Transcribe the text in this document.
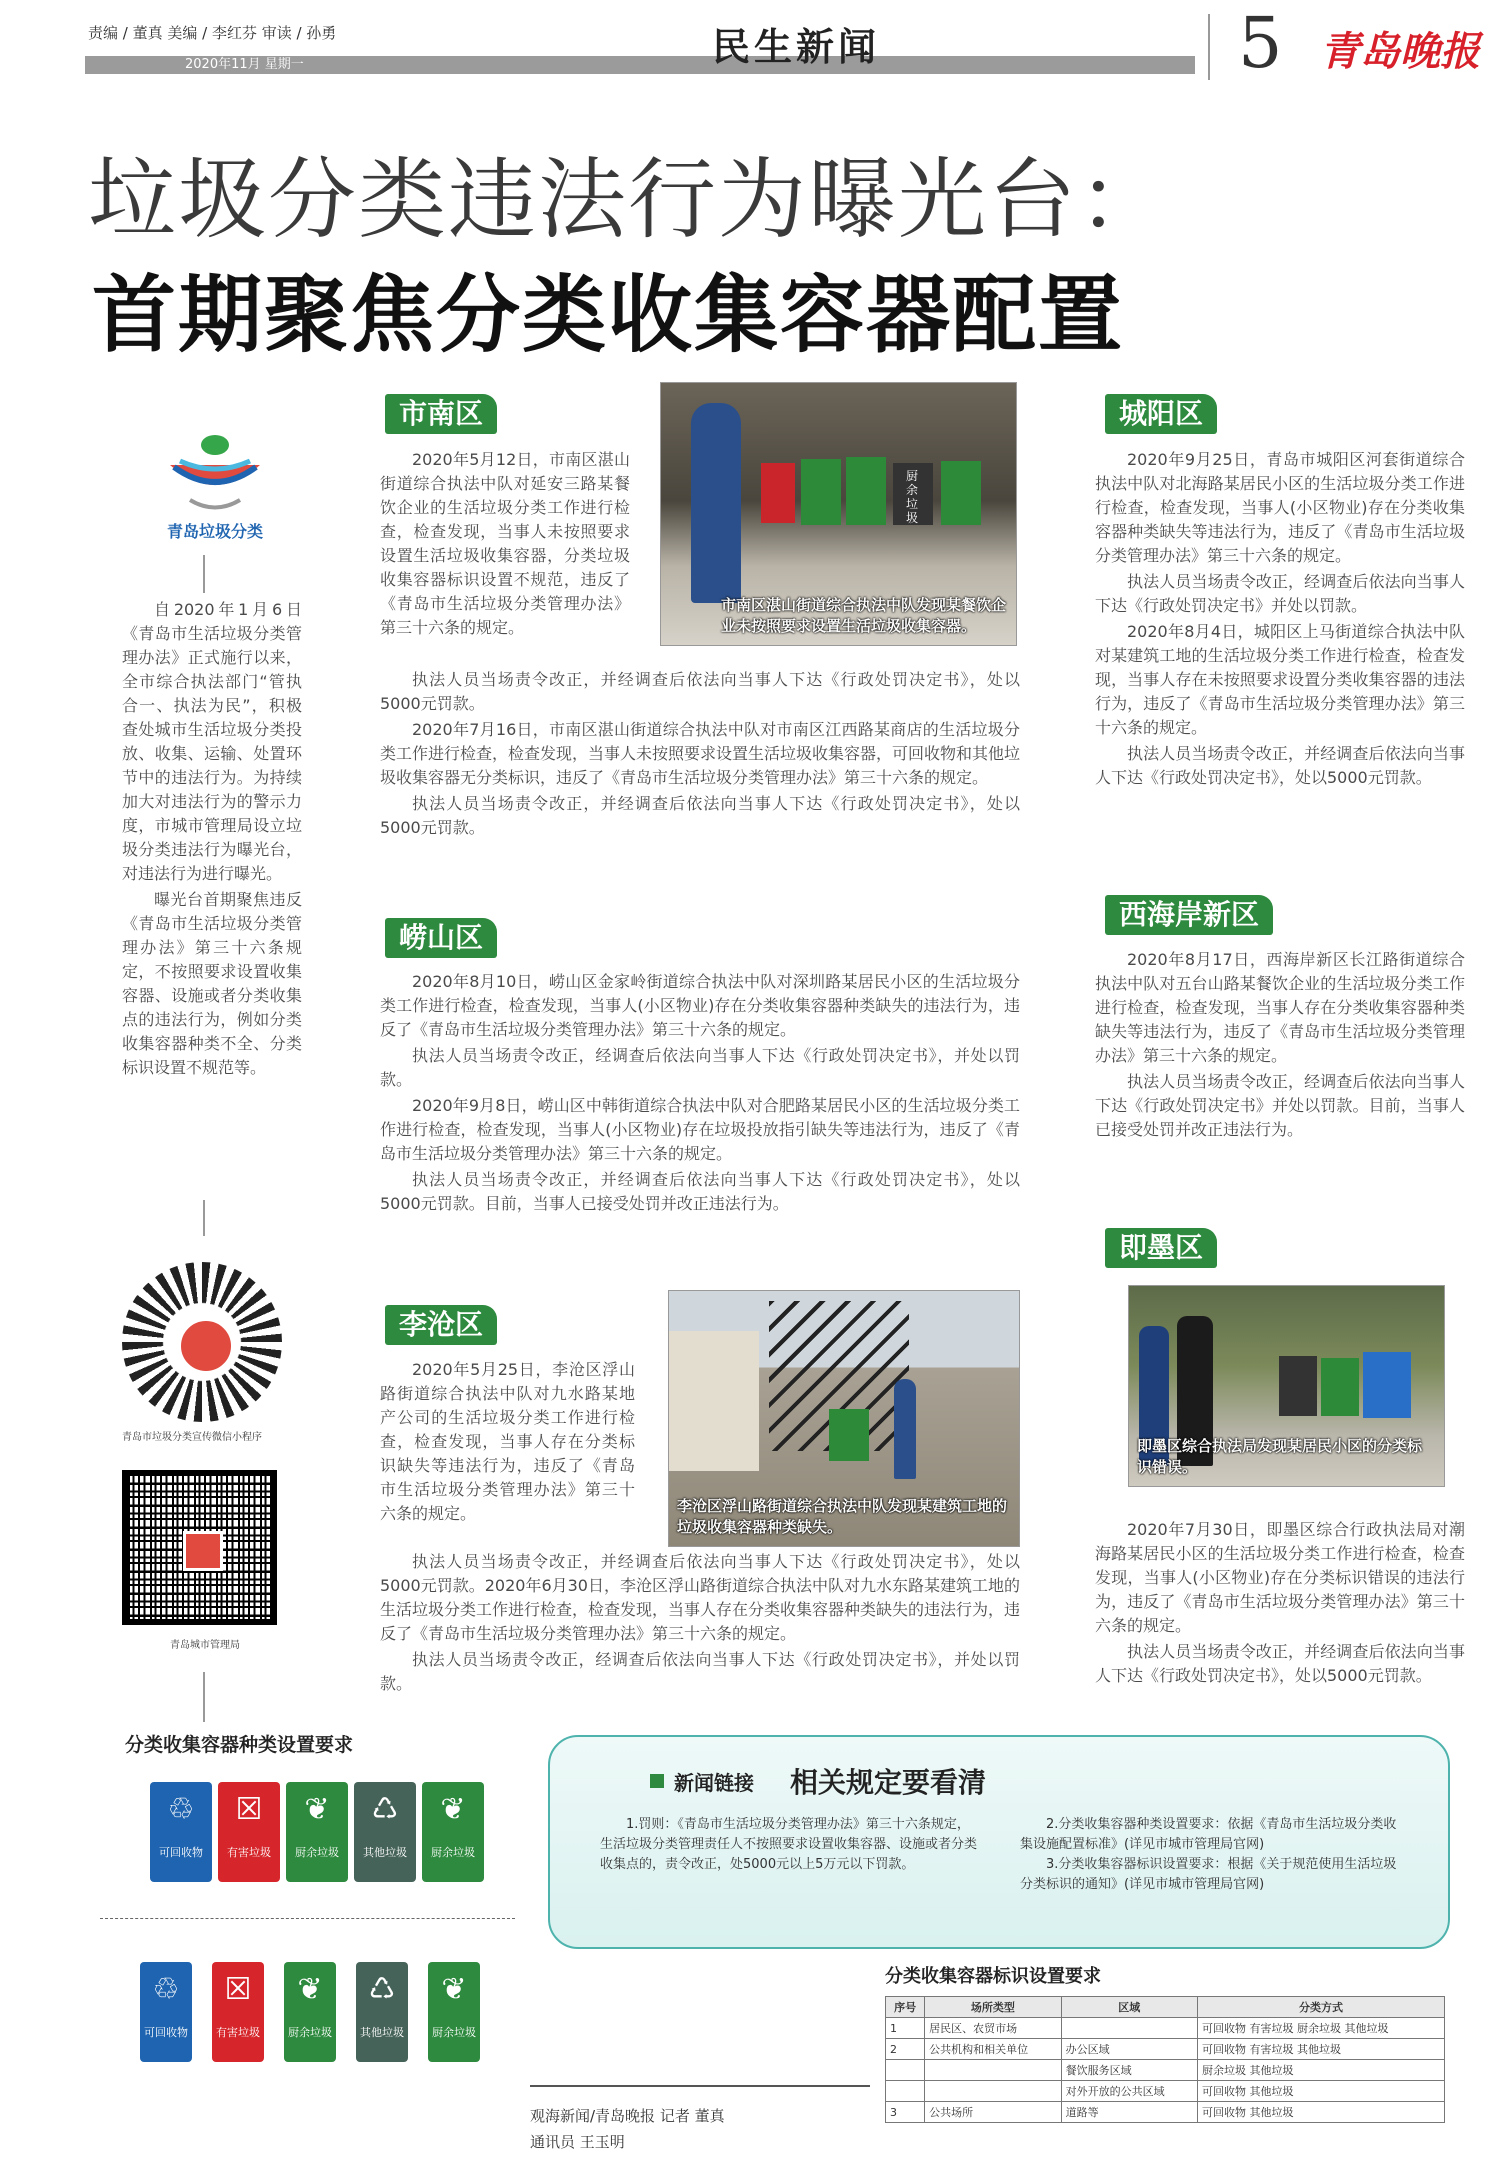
责编 / 董真 美编 / 李红芬 审读 / 孙勇
2020年11月 星期一	民生新闻	5 青岛晚报
垃圾分类违法行为曝光台：
首期聚焦分类收集容器配置
青岛垃圾分类

自2020年1月6日《青岛市生活垃圾分类管理办法》正式施行以来，全市综合执法部门“管执合一、执法为民”，积极查处城市生活垃圾分类投放、收集、运输、处置环节中的违法行为。为持续加大对违法行为的警示力度，市城市管理局设立垃圾分类违法行为曝光台，对违法行为进行曝光。

曝光台首期聚焦违反《青岛市生活垃圾分类管理办法》第三十六条规定，不按照要求设置收集容器、设施或者分类收集点的违法行为，例如分类收集容器种类不全、分类标识设置不规范等。

青岛市垃圾分类宣传微信小程序
青岛城市管理局
市南区

2020年5月12日，市南区湛山街道综合执法中队对延安三路某餐饮企业的生活垃圾分类工作进行检查，检查发现，当事人未按照要求设置生活垃圾收集容器，分类垃圾收集容器标识设置不规范，违反了《青岛市生活垃圾分类管理办法》第三十六条的规定。

厨余垃圾
市南区湛山街道综合执法中队发现某餐饮企业未按照要求设置生活垃圾收集容器。

执法人员当场责令改正，并经调查后依法向当事人下达《行政处罚决定书》，处以5000元罚款。

2020年7月16日，市南区湛山街道综合执法中队对市南区江西路某商店的生活垃圾分类工作进行检查，检查发现，当事人未按照要求设置生活垃圾收集容器，可回收物和其他垃圾收集容器无分类标识，违反了《青岛市生活垃圾分类管理办法》第三十六条的规定。

执法人员当场责令改正，并经调查后依法向当事人下达《行政处罚决定书》，处以5000元罚款。

崂山区

2020年8月10日，崂山区金家岭街道综合执法中队对深圳路某居民小区的生活垃圾分类工作进行检查，检查发现，当事人(小区物业)存在分类收集容器种类缺失的违法行为，违反了《青岛市生活垃圾分类管理办法》第三十六条的规定。

执法人员当场责令改正，经调查后依法向当事人下达《行政处罚决定书》，并处以罚款。

2020年9月8日，崂山区中韩街道综合执法中队对合肥路某居民小区的生活垃圾分类工作进行检查，检查发现，当事人(小区物业)存在垃圾投放指引缺失等违法行为，违反了《青岛市生活垃圾分类管理办法》第三十六条的规定。

执法人员当场责令改正，并经调查后依法向当事人下达《行政处罚决定书》，处以5000元罚款。目前，当事人已接受处罚并改正违法行为。

李沧区

2020年5月25日，李沧区浮山路街道综合执法中队对九水路某地产公司的生活垃圾分类工作进行检查，检查发现，当事人存在分类标识缺失等违法行为，违反了《青岛市生活垃圾分类管理办法》第三十六条的规定。	李沧区浮山路街道综合执法中队发现某建筑工地的垃圾收集容器种类缺失。

执法人员当场责令改正，并经调查后依法向当事人下达《行政处罚决定书》，处以5000元罚款。2020年6月30日，李沧区浮山路街道综合执法中队对九水东路某建筑工地的生活垃圾分类工作进行检查，检查发现，当事人存在分类收集容器种类缺失的违法行为，违反了《青岛市生活垃圾分类管理办法》第三十六条的规定。

执法人员当场责令改正，经调查后依法向当事人下达《行政处罚决定书》，并处以罚款。

城阳区

2020年9月25日，青岛市城阳区河套街道综合执法中队对北海路某居民小区的生活垃圾分类工作进行检查，检查发现，当事人(小区物业)存在分类收集容器种类缺失等违法行为，违反了《青岛市生活垃圾分类管理办法》第三十六条的规定。

执法人员当场责令改正，经调查后依法向当事人下达《行政处罚决定书》并处以罚款。

2020年8月4日，城阳区上马街道综合执法中队对某建筑工地的生活垃圾分类工作进行检查，检查发现，当事人存在未按照要求设置分类收集容器的违法行为，违反了《青岛市生活垃圾分类管理办法》第三十六条的规定。

执法人员当场责令改正，并经调查后依法向当事人下达《行政处罚决定书》，处以5000元罚款。

西海岸新区

2020年8月17日，西海岸新区长江路街道综合执法中队对五台山路某餐饮企业的生活垃圾分类工作进行检查，检查发现，当事人存在分类收集容器种类缺失等违法行为，违反了《青岛市生活垃圾分类管理办法》第三十六条的规定。

执法人员当场责令改正，经调查后依法向当事人下达《行政处罚决定书》并处以罚款。目前，当事人已接受处罚并改正违法行为。

即墨区
即墨区综合执法局发现某居民小区的分类标识错误。

2020年7月30日，即墨区综合行政执法局对潮海路某居民小区的生活垃圾分类工作进行检查，检查发现，当事人(小区物业)存在分类标识错误的违法行为，违反了《青岛市生活垃圾分类管理办法》第三十六条的规定。

执法人员当场责令改正，并经调查后依法向当事人下达《行政处罚决定书》，处以5000元罚款。

分类收集容器种类设置要求
♲
可回收物
☒
有害垃圾
❦
厨余垃圾
♺
其他垃圾
❦
厨余垃圾
♲
可回收物
☒
有害垃圾
❦
厨余垃圾
♺
其他垃圾
❦
厨余垃圾
新闻链接 相关规定要看清

1.罚则：《青岛市生活垃圾分类管理办法》第三十六条规定，生活垃圾分类管理责任人不按照要求设置收集容器、设施或者分类收集点的，责令改正，处5000元以上5万元以下罚款。

2.分类收集容器种类设置要求：依据《青岛市生活垃圾分类收集设施配置标准》(详见市城市管理局官网)

3.分类收集容器标识设置要求：根据《关于规范使用生活垃圾分类标识的通知》(详见市城市管理局官网)

观海新闻/青岛晚报 记者 董真
通讯员 王玉明
分类收集容器标识设置要求
序号	场所类型	区域	分类方式
1	居民区、农贸市场		可回收物 有害垃圾 厨余垃圾 其他垃圾
2	公共机构和相关单位	办公区域	可回收物 有害垃圾 其他垃圾
		餐饮服务区域	厨余垃圾 其他垃圾
		对外开放的公共区域	可回收物 其他垃圾
3	公共场所	道路等	可回收物 其他垃圾
